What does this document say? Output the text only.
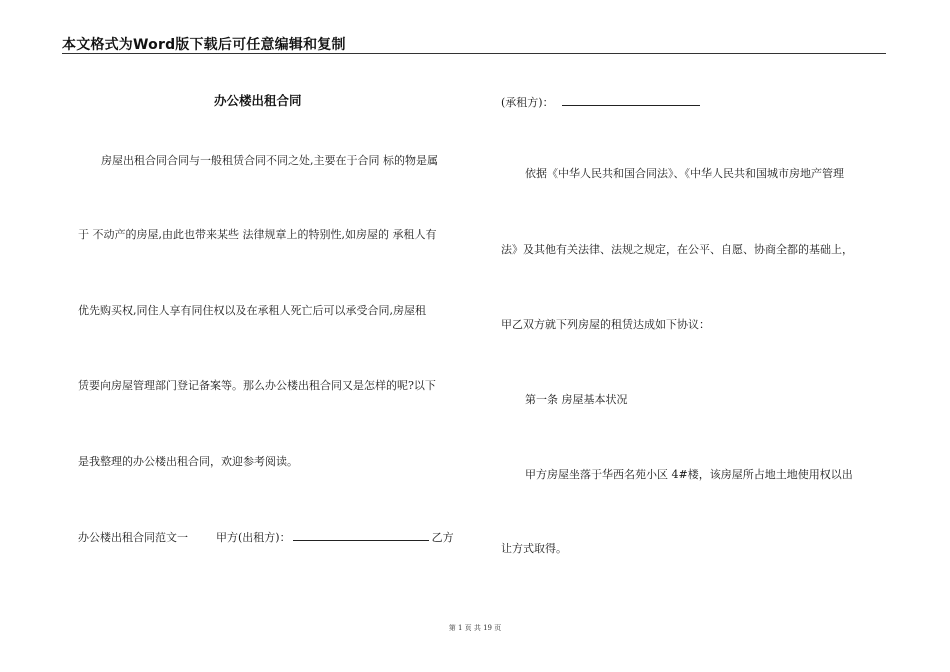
本文格式为Word版下载后可任意编辑和复制

办公楼出租合同

房屋出租合同合同与一般租赁合同不同之处,主要在于合同 标的物是属

于 不动产的房屋,由此也带来某些 法律规章上的特别性,如房屋的 承租人有

优先购买权,同住人享有同住权以及在承租人死亡后可以承受合同,房屋租

赁要向房屋管理部门登记备案等。那么办公楼出租合同又是怎样的呢?以下

是我整理的办公楼出租合同，欢迎参考阅读。

办公楼出租合同范文一	甲方(出租方)：	乙方

(承租方)：

依据《中华人民共和国合同法》、《中华人民共和国城市房地产管理

法》及其他有关法律、法规之规定，在公平、自愿、协商全都的基础上，

甲乙双方就下列房屋的租赁达成如下协议：

第一条 房屋基本状况

甲方房屋坐落于华西名苑小区 4#楼，该房屋所占地土地使用权以出

让方式取得。

第 1 页 共 19 页
